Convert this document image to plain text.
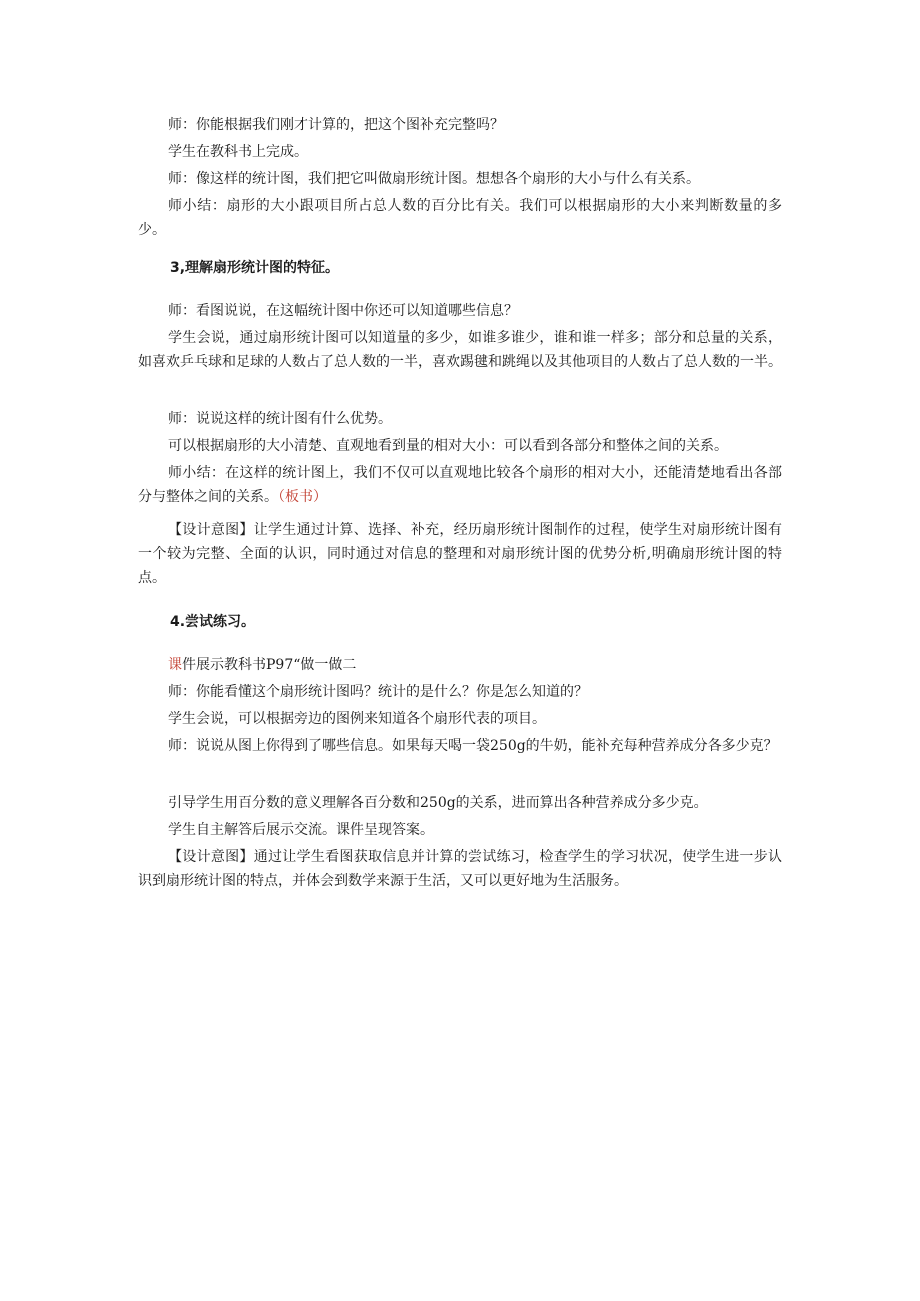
师：你能根据我们刚才计算的，把这个图补充完整吗？

学生在教科书上完成。

师：像这样的统计图，我们把它叫做扇形统计图。想想各个扇形的大小与什么有关系。

师小结：扇形的大小跟项目所占总人数的百分比有关。我们可以根据扇形的大小来判断数量的多少。

3,理解扇形统计图的特征。

师：看图说说，在这幅统计图中你还可以知道哪些信息？

学生会说，通过扇形统计图可以知道量的多少，如谁多谁少，谁和谁一样多；部分和总量的关系，如喜欢乒乓球和足球的人数占了总人数的一半，喜欢踢毽和跳绳以及其他项目的人数占了总人数的一半。

师：说说这样的统计图有什么优势。

可以根据扇形的大小清楚、直观地看到量的相对大小：可以看到各部分和整体之间的关系。

师小结：在这样的统计图上，我们不仅可以直观地比较各个扇形的相对大小，还能清楚地看出各部分与整体之间的关系。（板书）

【设计意图】让学生通过计算、选择、补充，经历扇形统计图制作的过程，使学生对扇形统计图有一个较为完整、全面的认识，同时通过对信息的整理和对扇形统计图的优势分析,明确扇形统计图的特点。

4.尝试练习。

课件展示教科书P97“做一做二

师：你能看懂这个扇形统计图吗？统计的是什么？你是怎么知道的？

学生会说，可以根据旁边的图例来知道各个扇形代表的项目。

师：说说从图上你得到了哪些信息。如果每天喝一袋250g的牛奶，能补充每种营养成分各多少克？

引导学生用百分数的意义理解各百分数和250g的关系，进而算出各种营养成分多少克。

学生自主解答后展示交流。课件呈现答案。

【设计意图】通过让学生看图获取信息并计算的尝试练习，检查学生的学习状况，使学生进一步认识到扇形统计图的特点，并体会到数学来源于生活，又可以更好地为生活服务。
